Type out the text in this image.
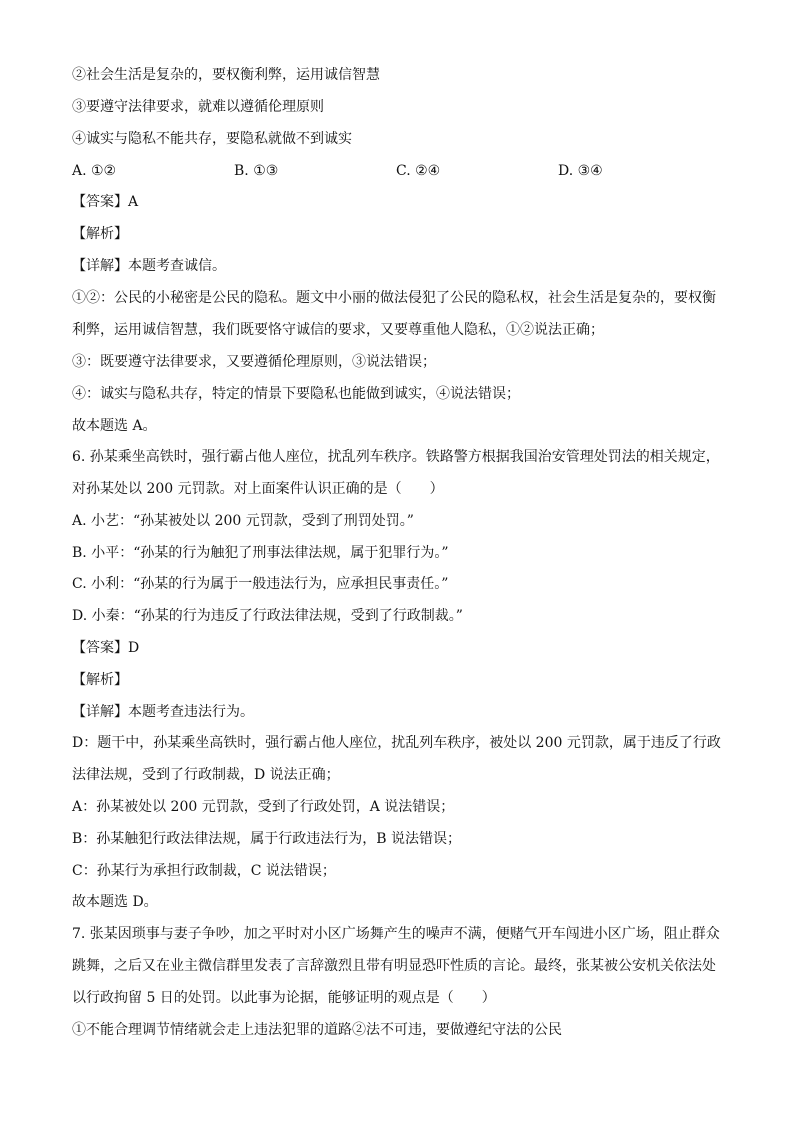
②社会生活是复杂的，要权衡利弊，运用诚信智慧
③要遵守法律要求，就难以遵循伦理原则
④诚实与隐私不能共存，要隐私就做不到诚实
A. ①②	B. ①③	C. ②④	D. ③④
【答案】A
【解析】
【详解】本题考查诚信。
①②：公民的小秘密是公民的隐私。题文中小丽的做法侵犯了公民的隐私权，社会生活是复杂的，要权衡
利弊，运用诚信智慧，我们既要恪守诚信的要求，又要尊重他人隐私，①②说法正确；
③：既要遵守法律要求，又要遵循伦理原则，③说法错误；
④：诚实与隐私共存，特定的情景下要隐私也能做到诚实，④说法错误；
故本题选 A。
6. 孙某乘坐高铁时，强行霸占他人座位，扰乱列车秩序。铁路警方根据我国治安管理处罚法的相关规定，
对孙某处以 200 元罚款。对上面案件认识正确的是（　　）
A. 小艺：“孙某被处以 200 元罚款，受到了刑罚处罚。”
B. 小平：“孙某的行为触犯了刑事法律法规，属于犯罪行为。”
C. 小利：“孙某的行为属于一般违法行为，应承担民事责任。”
D. 小秦：“孙某的行为违反了行政法律法规，受到了行政制裁。”
【答案】D
【解析】
【详解】本题考查违法行为。
D：题干中，孙某乘坐高铁时，强行霸占他人座位，扰乱列车秩序，被处以 200 元罚款，属于违反了行政
法律法规，受到了行政制裁，D 说法正确；
A：孙某被处以 200 元罚款，受到了行政处罚，A 说法错误；
B：孙某触犯行政法律法规，属于行政违法行为，B 说法错误；
C：孙某行为承担行政制裁，C 说法错误；
故本题选 D。
7. 张某因琐事与妻子争吵，加之平时对小区广场舞产生的噪声不满，便赌气开车闯进小区广场，阻止群众
跳舞，之后又在业主微信群里发表了言辞激烈且带有明显恐吓性质的言论。最终，张某被公安机关依法处
以行政拘留 5 日的处罚。以此事为论据，能够证明的观点是（　　）
①不能合理调节情绪就会走上违法犯罪的道路②法不可违，要做遵纪守法的公民
